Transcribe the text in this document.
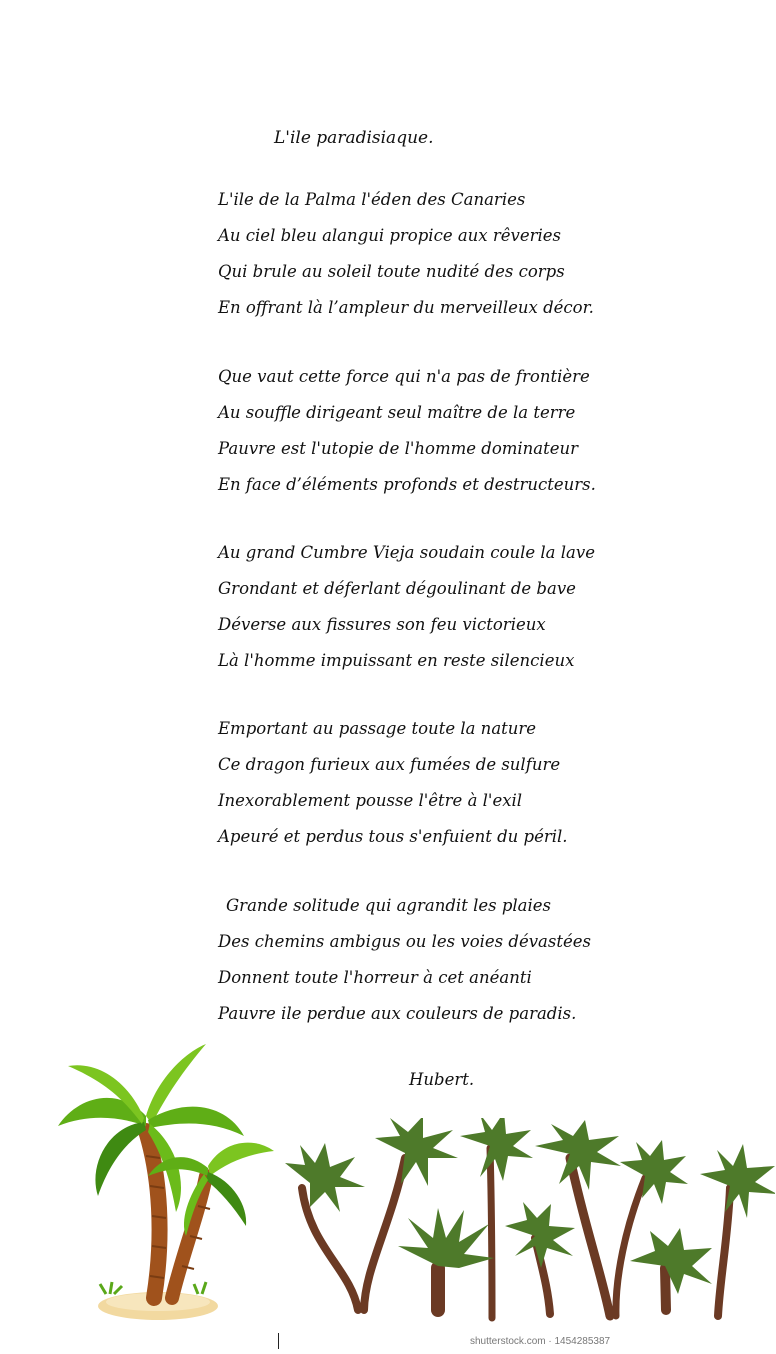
L'ile paradisiaque.
L'ile de la Palma l'éden des Canaries
Au ciel bleu alangui propice aux rêveries
Qui brule au soleil toute nudité des corps
En offrant là l’ampleur du merveilleux décor.
Que vaut cette force qui n'a pas de frontière
Au souffle dirigeant seul maître de la terre
Pauvre est l'utopie de l'homme dominateur
En face d’éléments profonds et destructeurs.
Au grand Cumbre Vieja soudain coule la lave
Grondant et déferlant dégoulinant de bave
Déverse aux fissures son feu victorieux
Là l'homme impuissant en reste silencieux
Emportant au passage toute la nature
Ce dragon furieux aux fumées de sulfure
Inexorablement pousse l'être à l'exil
Apeuré et perdus tous s'enfuient du péril.
Grande solitude qui agrandit les plaies
Des chemins ambigus ou les voies dévastées
Donnent toute l'horreur à cet anéanti
Pauvre ile perdue aux couleurs de paradis.
Hubert.
shutterstock.com · 1454285387
